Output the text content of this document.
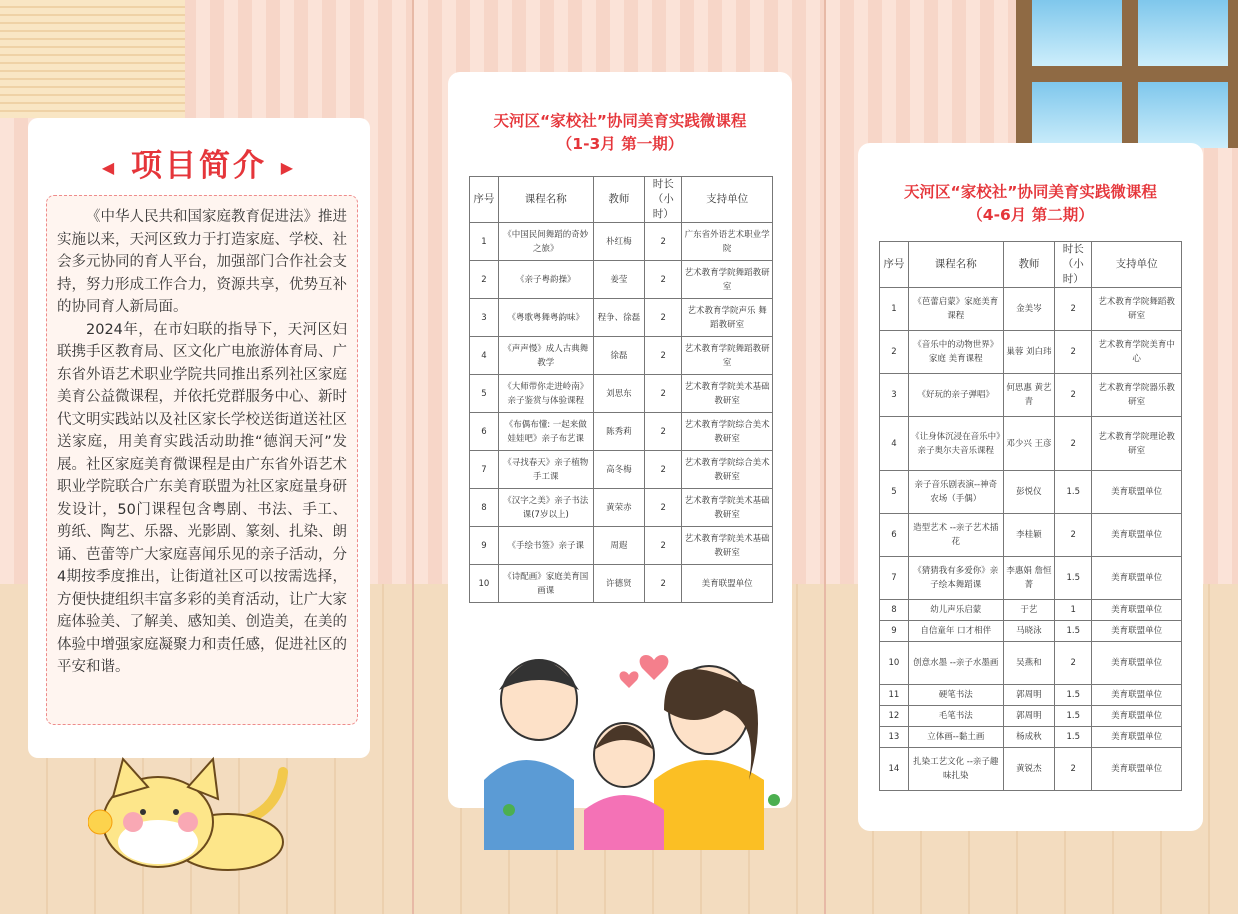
◀ 项目简介 ▶

《中华人民共和国家庭教育促进法》推进实施以来，天河区致力于打造家庭、学校、社会多元协同的育人平台，加强部门合作社会支持，努力形成工作合力，资源共享，优势互补的协同育人新局面。

2024年，在市妇联的指导下，天河区妇联携手区教育局、区文化广电旅游体育局、广东省外语艺术职业学院共同推出系列社区家庭美育公益微课程，并依托党群服务中心、新时代文明实践站以及社区家长学校送街道送社区送家庭，用美育实践活动助推“德润天河”发展。社区家庭美育微课程是由广东省外语艺术职业学院联合广东美育联盟为社区家庭量身研发设计，50门课程包含粤剧、书法、手工、剪纸、陶艺、乐器、光影剧、篆刻、扎染、朗诵、芭蕾等广大家庭喜闻乐见的亲子活动，分4期按季度推出，让街道社区可以按需选择，方便快捷组织丰富多彩的美育活动，让广大家庭体验美、了解美、感知美、创造美，在美的体验中增强家庭凝聚力和责任感，促进社区的平安和谐。

天河区“家校社”协同美育实践微课程
（1-3月 第一期）
序号	课程名称	教师	时长（小时）	支持单位
1	《中国民间舞蹈的奇妙之旅》	朴红梅	2	广东省外语艺术职业学院
2	《亲子粤韵操》	姜莹	2	艺术教育学院舞蹈教研室
3	《粤歌粤舞粤韵味》	程争、徐磊	2	艺术教育学院声乐 舞蹈教研室
4	《声声慢》成人古典舞教学	徐磊	2	艺术教育学院舞蹈教研室
5	《大师带你走进岭南》亲子鉴赏与体验课程	刘思东	2	艺术教育学院美术基础教研室
6	《布偶布懂: 一起来做娃娃吧》亲子布艺课	陈秀莉	2	艺术教育学院综合美术教研室
7	《寻找春天》亲子植物手工课	高冬梅	2	艺术教育学院综合美术教研室
8	《汉字之美》亲子书法课(7岁以上)	黄荣赤	2	艺术教育学院美术基础教研室
9	《手绘书签》亲子课	周遐	2	艺术教育学院美术基础教研室
10	《诗配画》家庭美育国画课	许德贤	2	美育联盟单位
天河区“家校社”协同美育实践微课程
（4-6月 第二期）
序号	课程名称	教师	时长（小时）	支持单位
1	《芭蕾启蒙》家庭美育课程	金美岑	2	艺术教育学院舞蹈教研室
2	《音乐中的动物世界》家庭 美育课程	巢蓉 刘白玮	2	艺术教育学院美育中心
3	《好玩的亲子弹唱》	何思惠 黄艺青	2	艺术教育学院器乐教研室
4	《让身体沉浸在音乐中》亲子奥尔夫音乐课程	邓少兴 王彦	2	艺术教育学院理论教研室
5	亲子音乐剧表演--神奇农场（手偶）	彭悦仪	1.5	美育联盟单位
6	造型艺术 --亲子艺术插花	李桂颖	2	美育联盟单位
7	《猜猜我有多爱你》亲子绘本舞蹈课	李惠娟 詹恒菁	1.5	美育联盟单位
8	幼儿声乐启蒙	于艺	1	美育联盟单位
9	自信童年 口才相伴	马晓泳	1.5	美育联盟单位
10	创意水墨 --亲子水墨画	吴燕和	2	美育联盟单位
11	硬笔书法	郭周明	1.5	美育联盟单位
12	毛笔书法	郭周明	1.5	美育联盟单位
13	立体画--黏土画	杨成秋	1.5	美育联盟单位
14	扎染工艺文化 --亲子趣味扎染	黄锐杰	2	美育联盟单位
